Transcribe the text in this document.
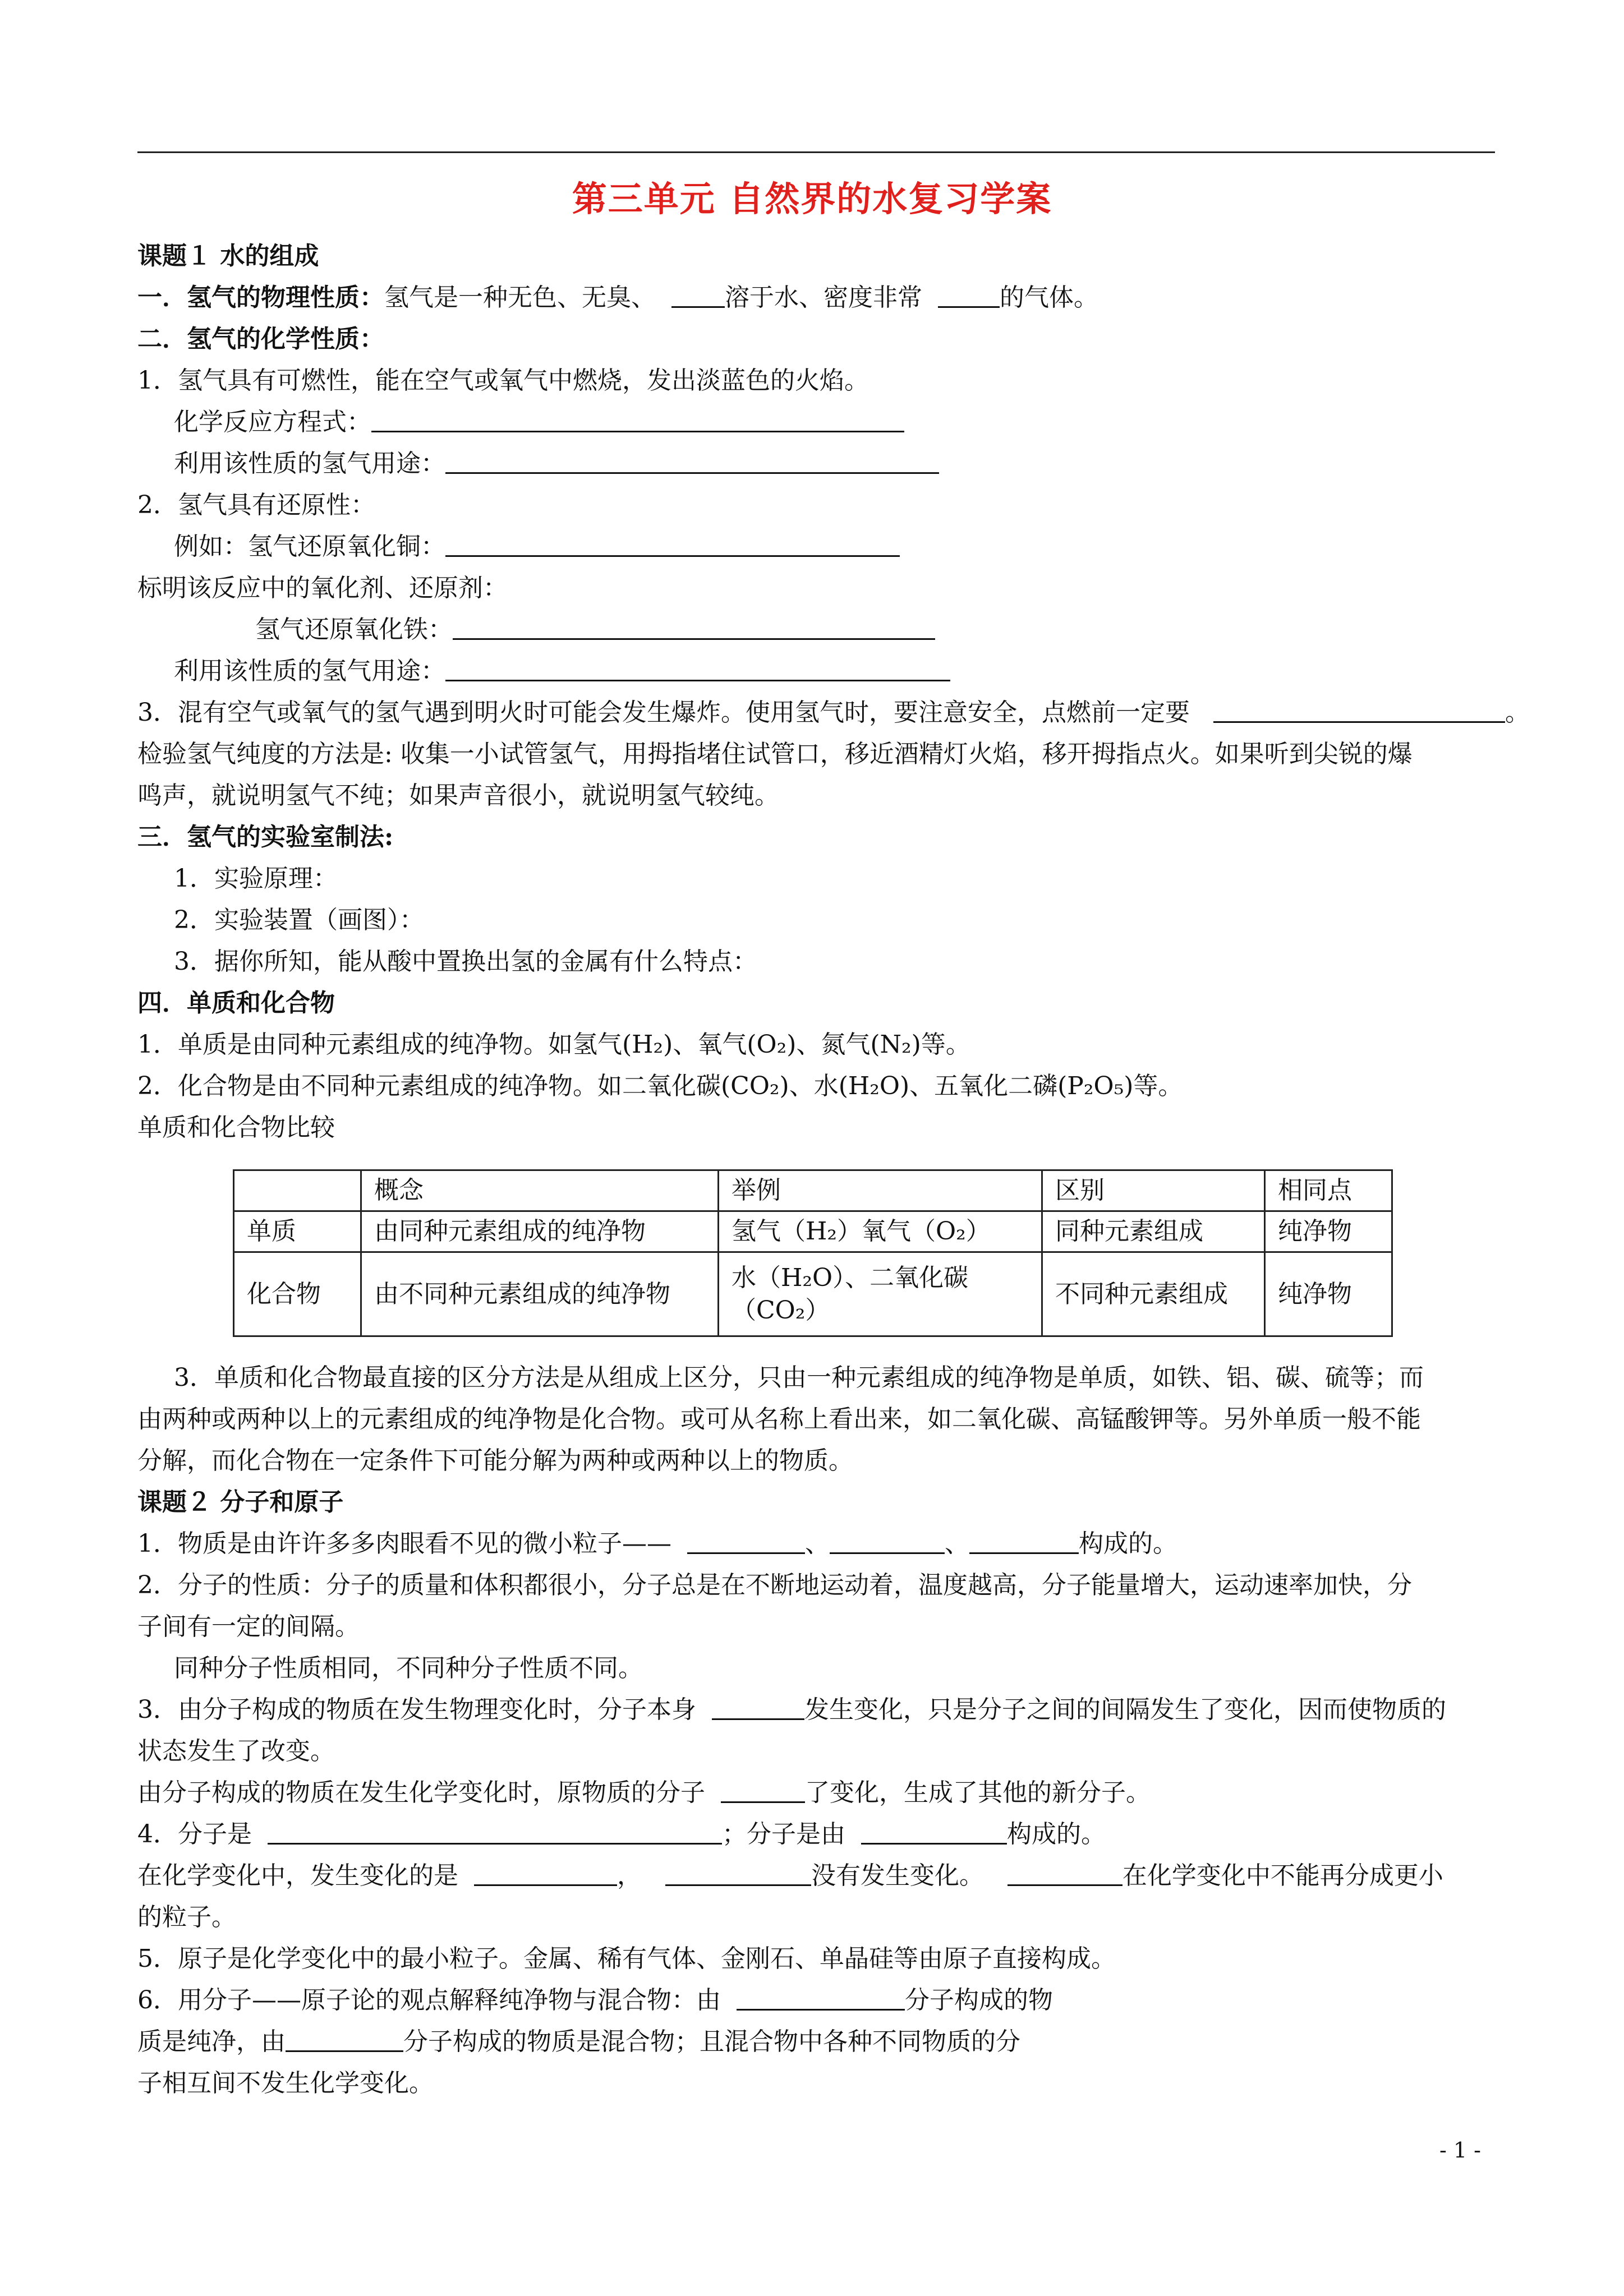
第三单元 自然界的水复习学案
课题１ 水的组成
一．氢气的物理性质：氢气是一种无色、无臭、	溶于水、密度非常	的气体。
二．氢气的化学性质：
1．氢气具有可燃性，能在空气或氧气中燃烧，发出淡蓝色的火焰。
化学反应方程式：
利用该性质的氢气用途：
2．氢气具有还原性：
例如：氢气还原氧化铜：
标明该反应中的氧化剂、还原剂：
氢气还原氧化铁：
利用该性质的氢气用途：
3．混有空气或氧气的氢气遇到明火时可能会发生爆炸。使用氢气时，要注意安全，点燃前一定要	。
检验氢气纯度的方法是: 收集一小试管氢气，用拇指堵住试管口，移近酒精灯火焰，移开拇指点火。如果听到尖锐的爆
鸣声，就说明氢气不纯；如果声音很小，就说明氢气较纯。
三．氢气的实验室制法:
1．实验原理：
2．实验装置（画图）：
3．据你所知，能从酸中置换出氢的金属有什么特点：
四．单质和化合物
1．单质是由同种元素组成的纯净物。如氢气(H₂)、氧气(O₂)、氮气(N₂)等。
2．化合物是由不同种元素组成的纯净物。如二氧化碳(CO₂)、水(H₂O)、五氧化二磷(P₂O₅)等。
单质和化合物比较
	概念	举例	区别	相同点
单质	由同种元素组成的纯净物	氢气（H₂）氧气（O₂）	同种元素组成	纯净物
化合物	由不同种元素组成的纯净物	水（H₂O）、二氧化碳（CO₂）	不同种元素组成	纯净物
3．单质和化合物最直接的区分方法是从组成上区分，只由一种元素组成的纯净物是单质，如铁、铝、碳、硫等；而
由两种或两种以上的元素组成的纯净物是化合物。或可从名称上看出来，如二氧化碳、高锰酸钾等。另外单质一般不能
分解，而化合物在一定条件下可能分解为两种或两种以上的物质。
课题２ 分子和原子
1．物质是由许许多多肉眼看不见的微小粒子——	、	、	构成的。
2．分子的性质：分子的质量和体积都很小，分子总是在不断地运动着，温度越高，分子能量增大，运动速率加快，分
子间有一定的间隔。
同种分子性质相同，不同种分子性质不同。
3．由分子构成的物质在发生物理变化时，分子本身	发生变化，只是分子之间的间隔发生了变化，因而使物质的
状态发生了改变。
由分子构成的物质在发生化学变化时，原物质的分子	了变化，生成了其他的新分子。
4．分子是	；分子是由	构成的。
在化学变化中，发生变化的是	，	没有发生变化。	在化学变化中不能再分成更小
的粒子。
5．原子是化学变化中的最小粒子。金属、稀有气体、金刚石、单晶硅等由原子直接构成。
6．用分子——原子论的观点解释纯净物与混合物：由	分子构成的物
质是纯净，由	分子构成的物质是混合物；且混合物中各种不同物质的分
子相互间不发生化学变化。
- 1 -
